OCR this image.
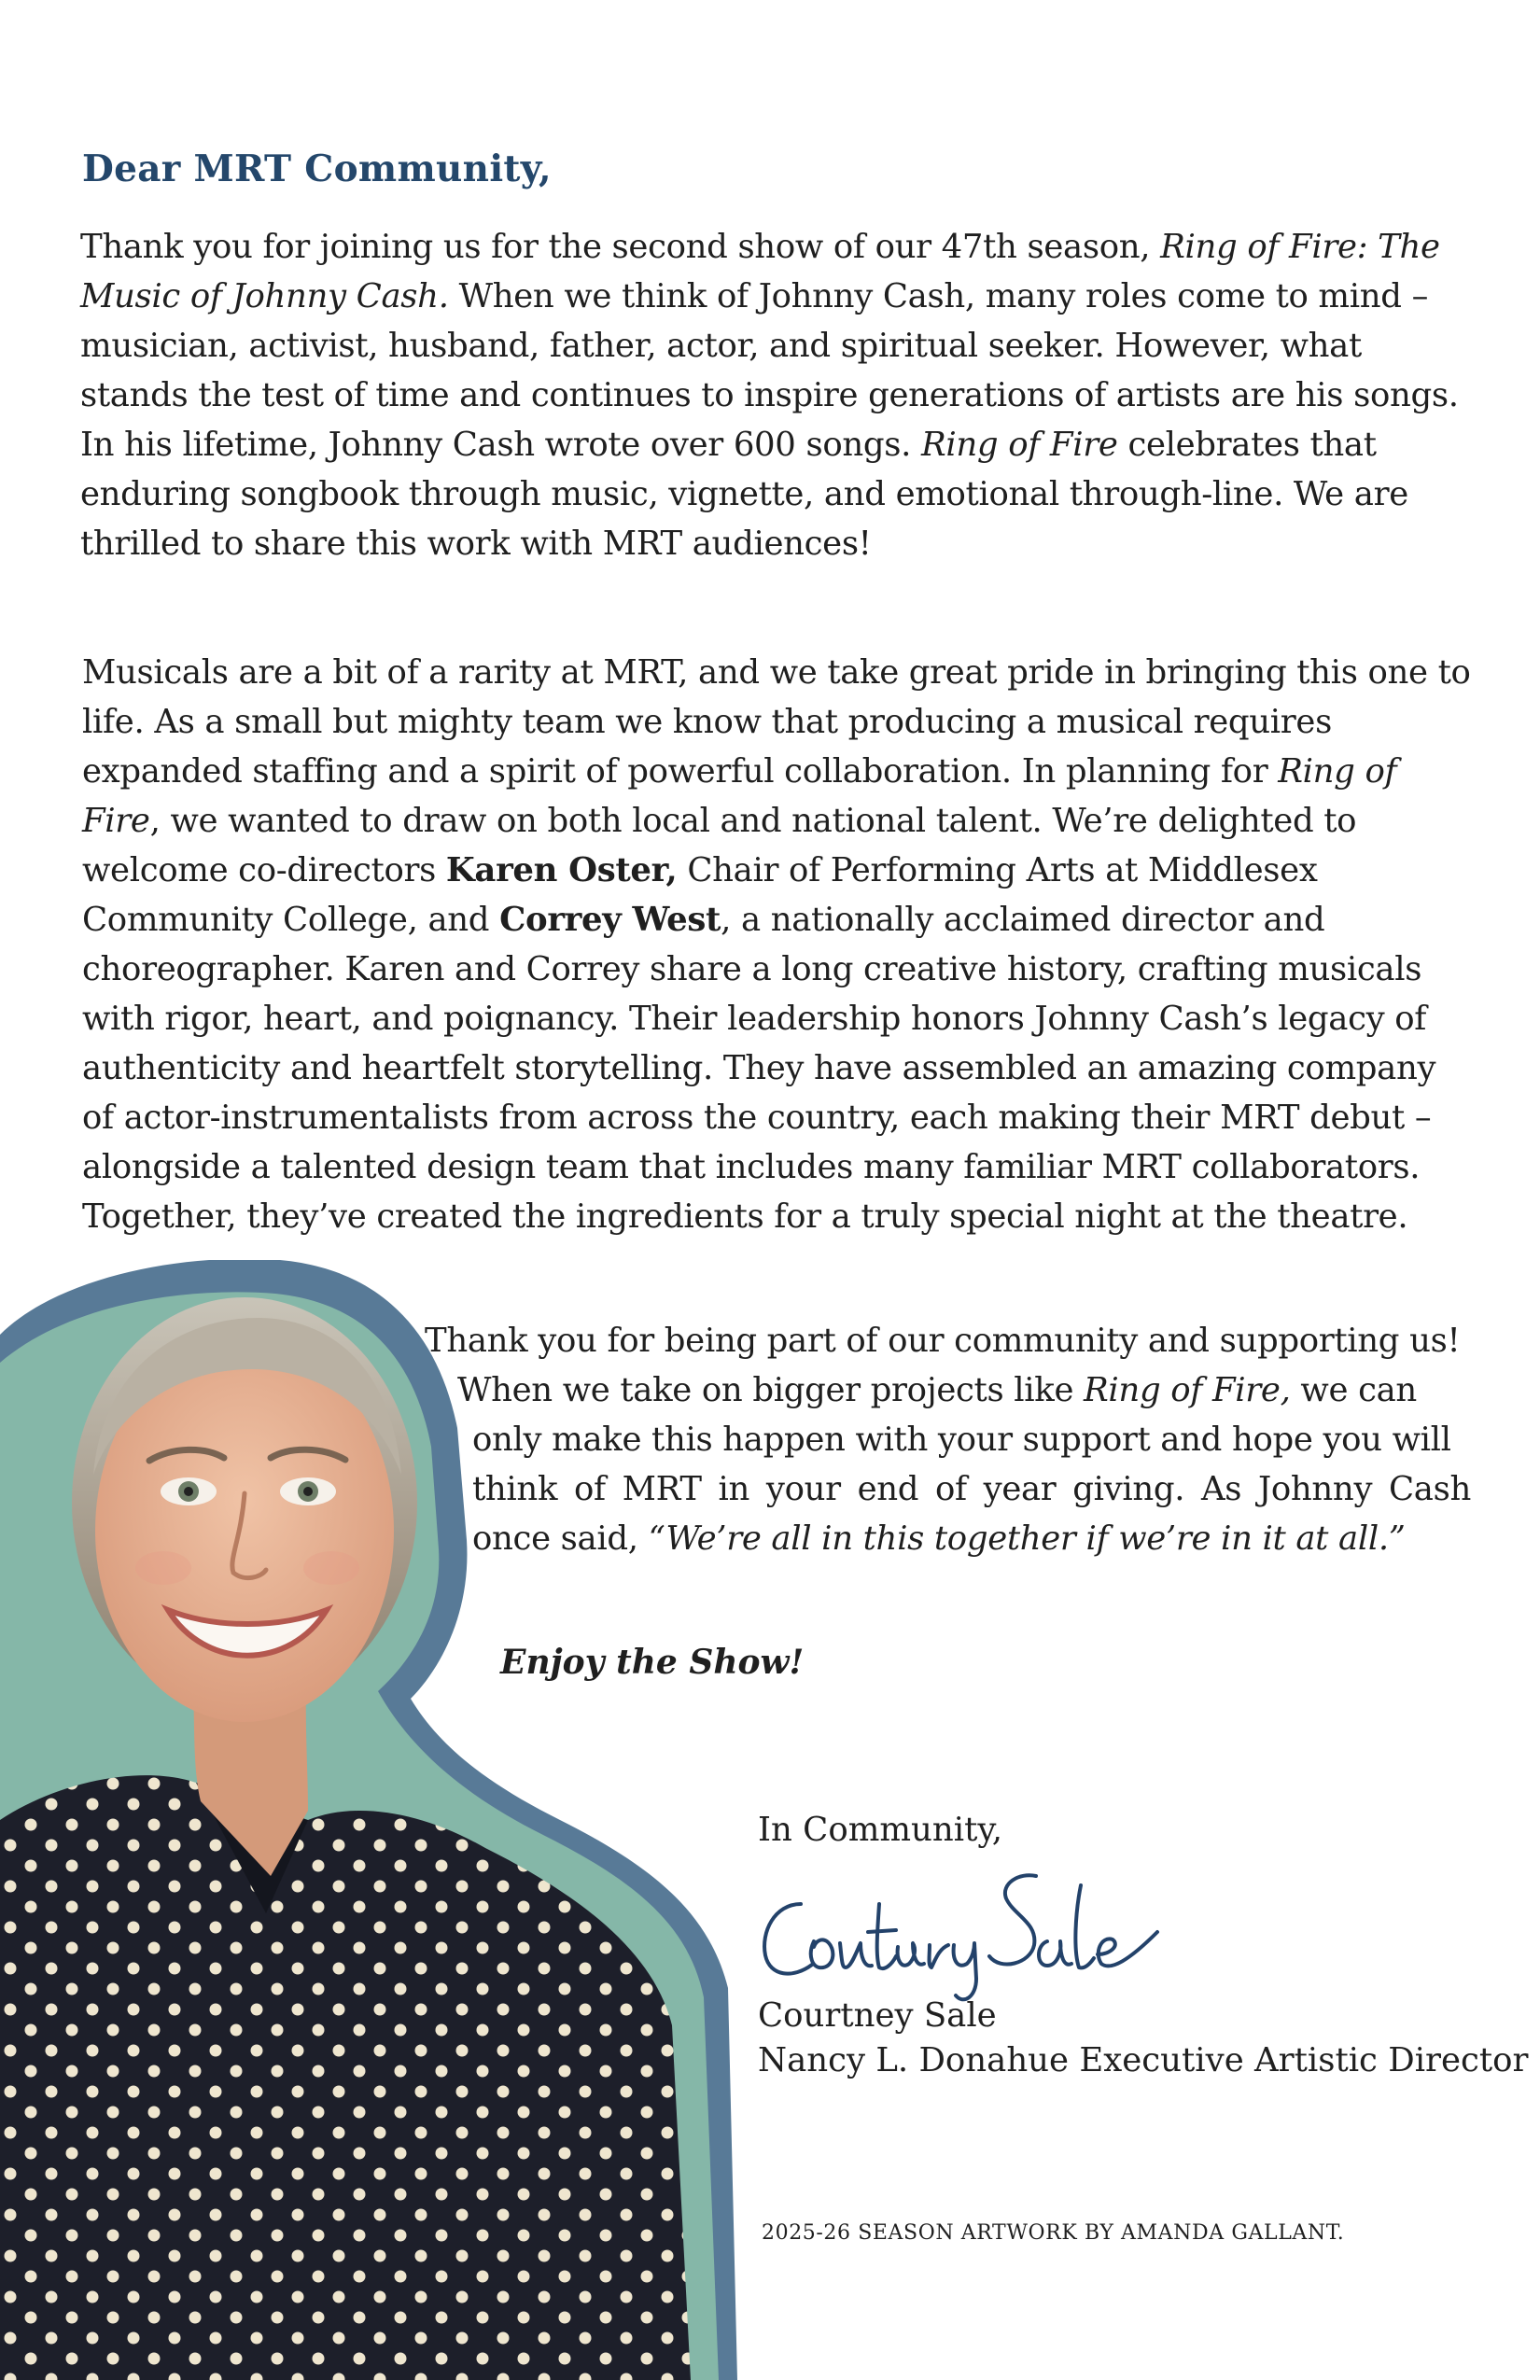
Dear MRT Community,
Thank you for joining us for the second show of our 47th season, Ring of Fire: The
Music of Johnny Cash. When we think of Johnny Cash, many roles come to mind –
musician, activist, husband, father, actor, and spiritual seeker. However, what
stands the test of time and continues to inspire generations of artists are his songs.
In his lifetime, Johnny Cash wrote over 600 songs. Ring of Fire celebrates that
enduring songbook through music, vignette, and emotional through-line. We are
thrilled to share this work with MRT audiences!
Musicals are a bit of a rarity at MRT, and we take great pride in bringing this one to
life. As a small but mighty team we know that producing a musical requires
expanded staffing and a spirit of powerful collaboration. In planning for Ring of
Fire, we wanted to draw on both local and national talent. We’re delighted to
welcome co-directors Karen Oster, Chair of Performing Arts at Middlesex
Community College, and Correy West, a nationally acclaimed director and
choreographer. Karen and Correy share a long creative history, crafting musicals
with rigor, heart, and poignancy. Their leadership honors Johnny Cash’s legacy of
authenticity and heartfelt storytelling. They have assembled an amazing company
of actor-instrumentalists from across the country, each making their MRT debut –
alongside a talented design team that includes many familiar MRT collaborators.
Together, they’ve created the ingredients for a truly special night at the theatre.
Thank you for being part of our community and supporting us!
When we take on bigger projects like Ring of Fire, we can
only make this happen with your support and hope you will
think of MRT in your end of year giving. As Johnny Cash
once said, “We’re all in this together if we’re in it at all.”
Enjoy the Show!
In Community,
Courtney Sale
Nancy L. Donahue Executive Artistic Director
2025-26 SEASON ARTWORK BY AMANDA GALLANT.
